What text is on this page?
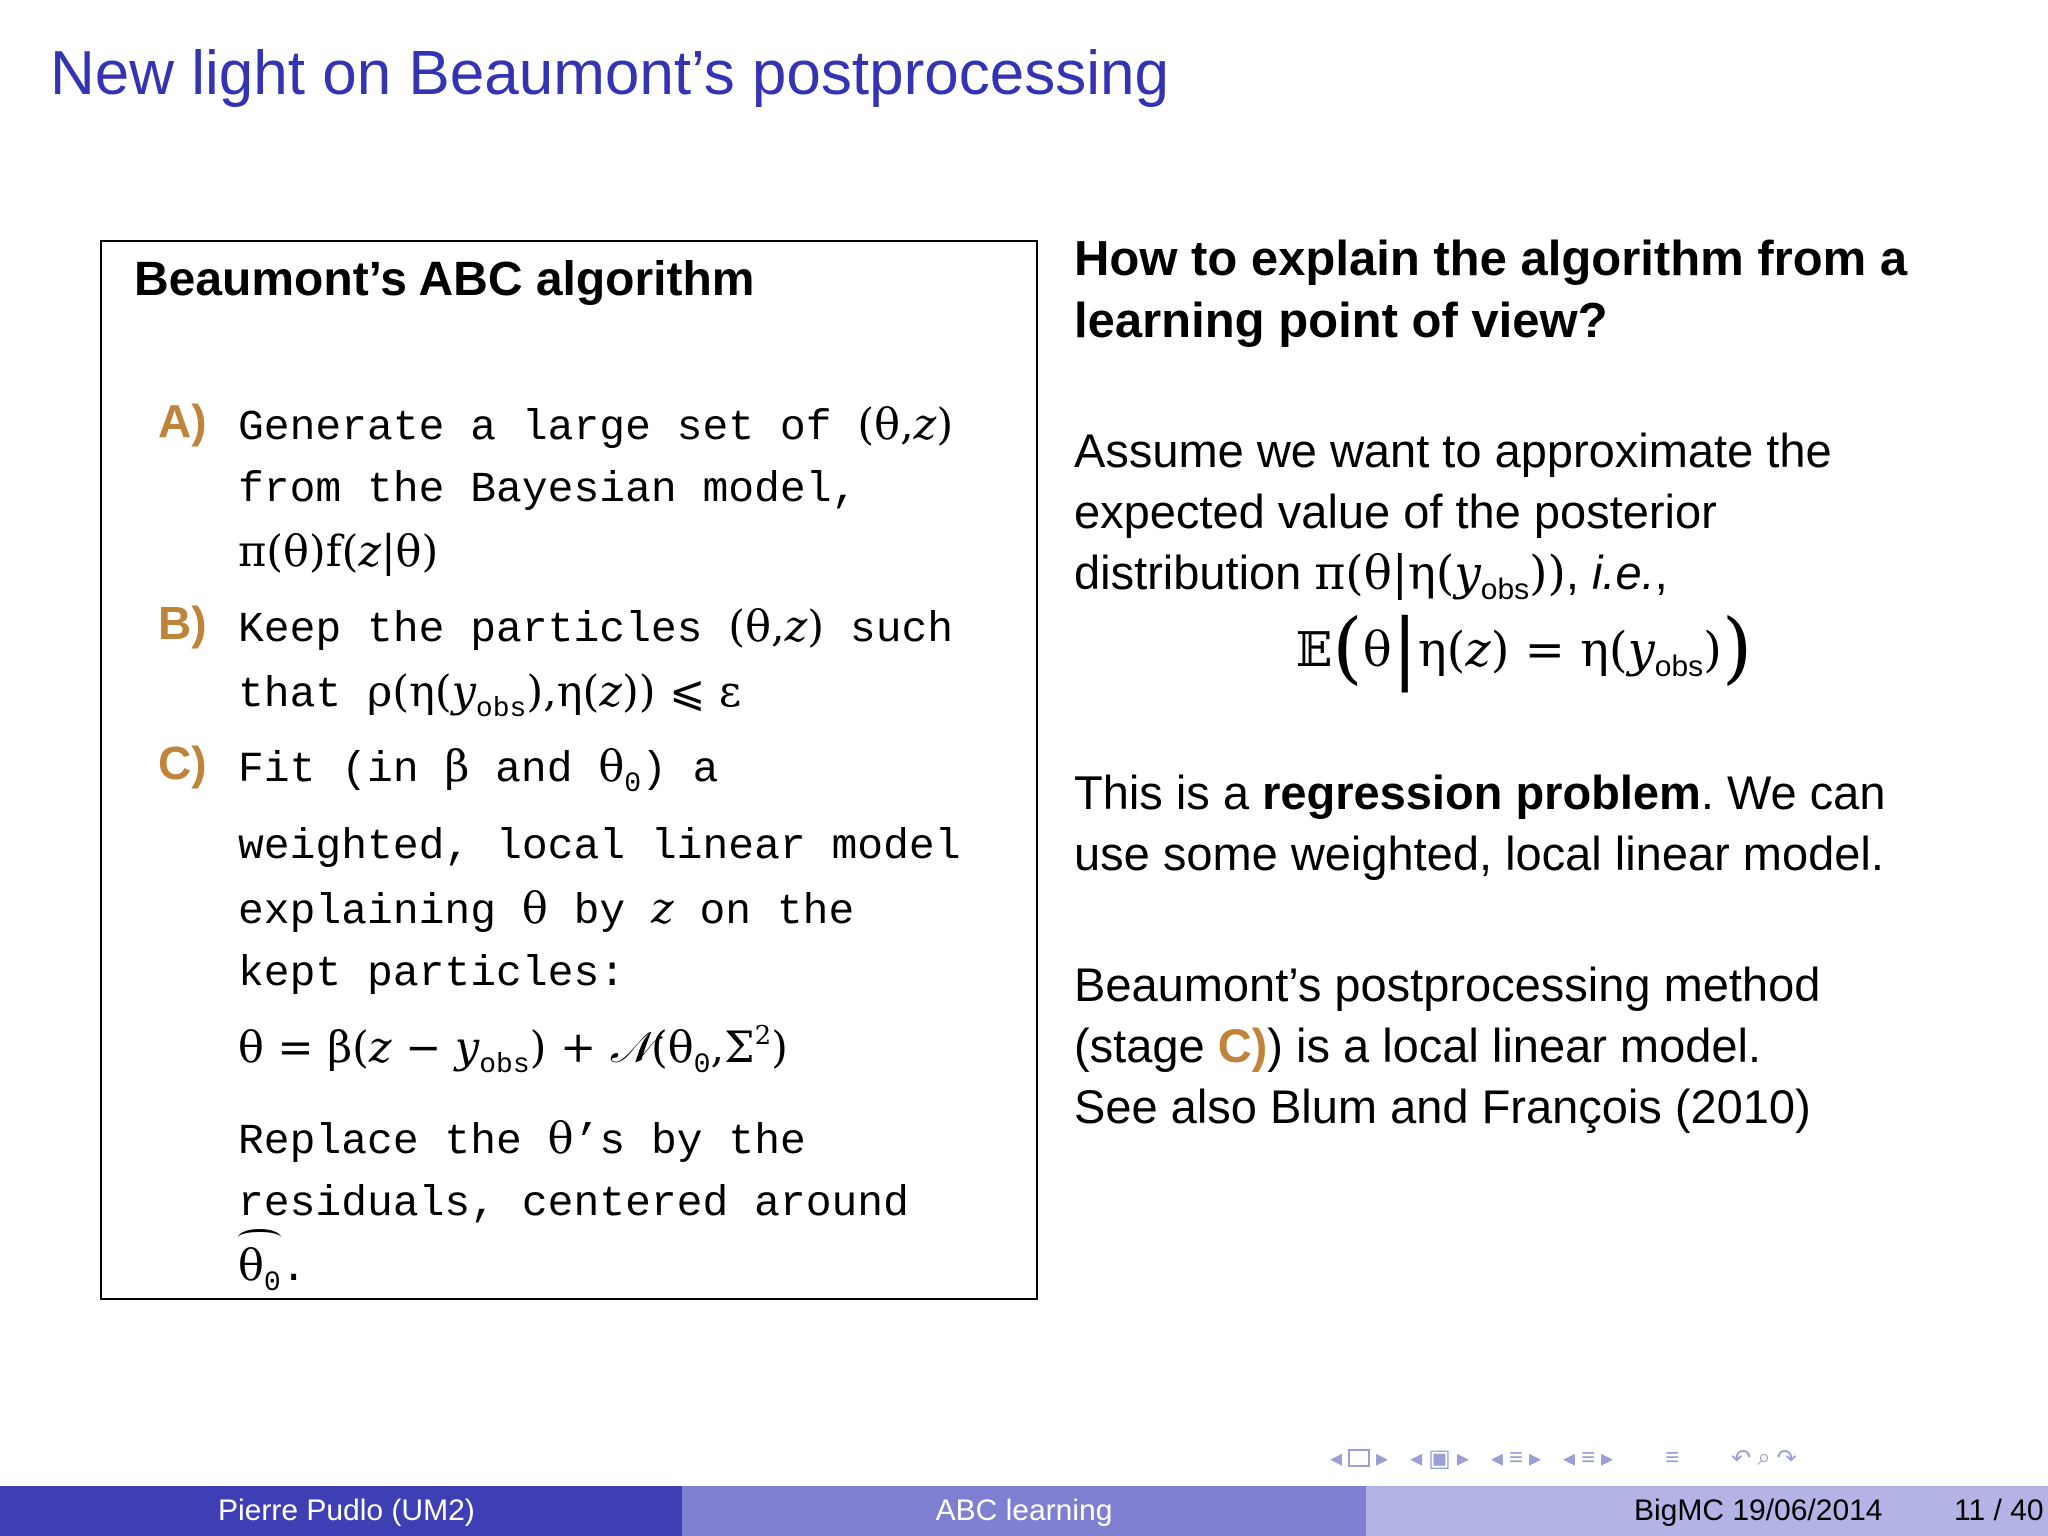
New light on Beaumont’s postprocessing
Beaumont’s ABC algorithm
A) Generate a large set of (θ,z)
from the Bayesian model,
π(θ)f(z|θ)
B) Keep the particles (θ,z) such
that $\rho(\eta(y_{obs}),\eta(z))$ ⩽ ε
C) Fit (in β and $\theta_0$) a
weighted, local linear model
explaining θ by z on the
kept particles:
$\theta = \beta(z - y_{obs})$ + $𝒩(\theta_0,\Sigma^2)$
Replace the θ’s by the
residuals, centered around
$\theta_0$.
How to explain the algorithm from a learning point of view?
Assume we want to approximate the
expected value of the posterior
distribution $\pi(\theta|\eta(y_{obs}))$, i.e.,
𝔼(θ|η(z) = $\eta(y_{obs})$)
This is a regression problem. We can
use some weighted, local linear model.
Beaumont’s postprocessing method
(stage C)) is a local linear model.
See also Blum and François (2010)
◂ ▸ ◂ ▣ ▸ ◂ ≡ ▸ ◂ ≡ ▸ ≡ ↶ ⌕ ↷
Pierre Pudlo (UM2)	ABC learning	BigMC 19/06/2014 11 / 40
